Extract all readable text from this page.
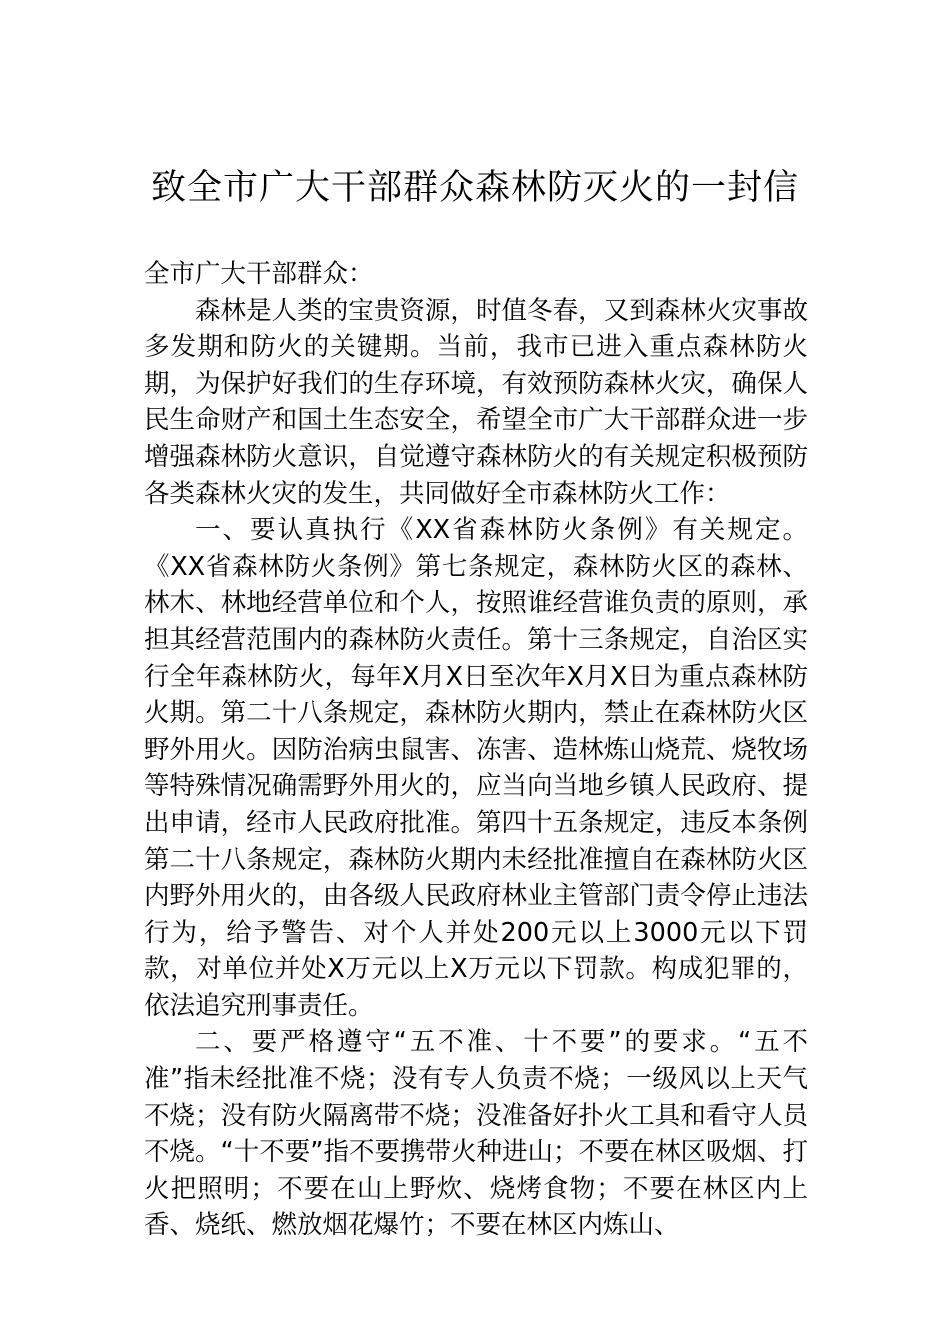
致全市广大干部群众森林防灭火的一封信

全市广大干部群众：

森林是人类的宝贵资源，时值冬春，又到森林火灾事故多发期和防火的关键期。当前，我市已进入重点森林防火期，为保护好我们的生存环境，有效预防森林火灾，确保人民生命财产和国土生态安全，希望全市广大干部群众进一步增强森林防火意识，自觉遵守森林防火的有关规定积极预防各类森林火灾的发生，共同做好全市森林防火工作：

一、要认真执行《XX省森林防火条例》有关规定。《XX省森林防火条例》第七条规定，森林防火区的森林、林木、林地经营单位和个人，按照谁经营谁负责的原则，承担其经营范围内的森林防火责任。第十三条规定，自治区实行全年森林防火，每年X月X日至次年X月X日为重点森林防火期。第二十八条规定，森林防火期内，禁止在森林防火区野外用火。因防治病虫鼠害、冻害、造林炼山烧荒、烧牧场等特殊情况确需野外用火的，应当向当地乡镇人民政府、提出申请，经市人民政府批准。第四十五条规定，违反本条例第二十八条规定，森林防火期内未经批准擅自在森林防火区内野外用火的，由各级人民政府林业主管部门责令停止违法行为，给予警告、对个人并处200元以上3000元以下罚款，对单位并处X万元以上X万元以下罚款。构成犯罪的，依法追究刑事责任。

二、要严格遵守“五不准、十不要”的要求。“五不准”指未经批准不烧；没有专人负责不烧；一级风以上天气不烧；没有防火隔离带不烧；没准备好扑火工具和看守人员不烧。“十不要”指不要携带火种进山；不要在林区吸烟、打火把照明；不要在山上野炊、烧烤食物；不要在林区内上香、烧纸、燃放烟花爆竹；不要在林区内炼山、
